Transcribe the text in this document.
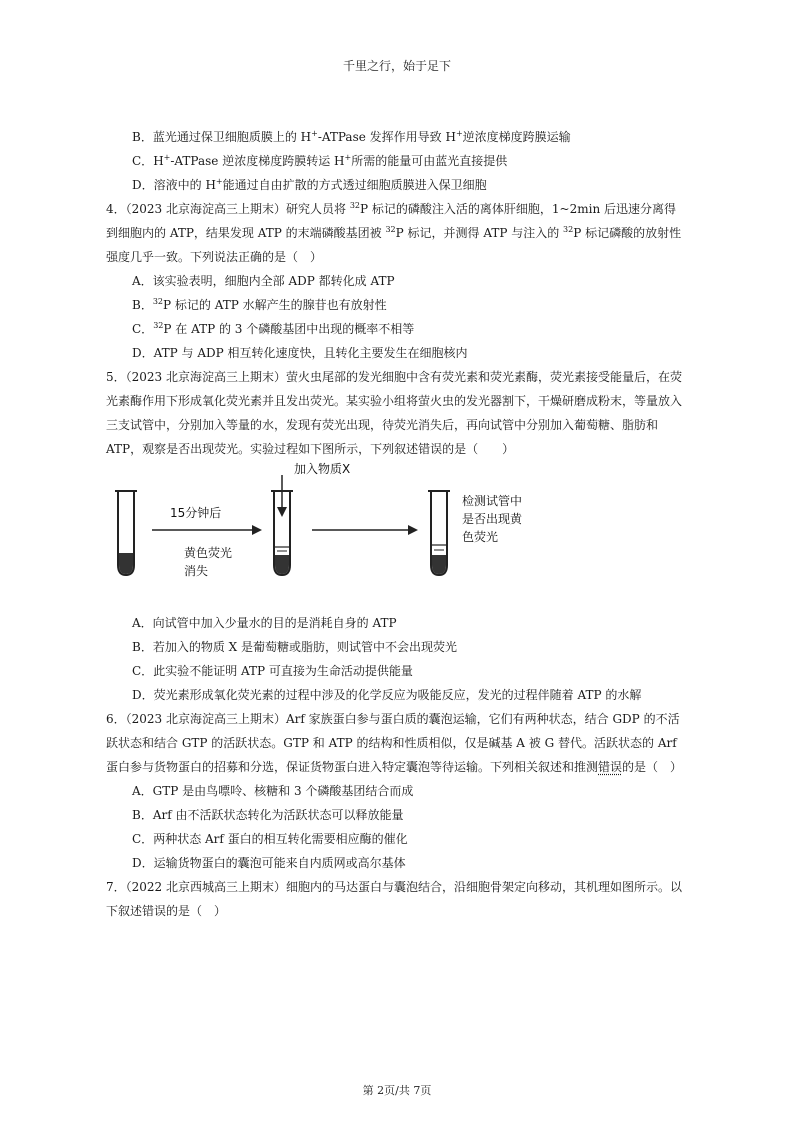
千里之行，始于足下

B．蓝光通过保卫细胞质膜上的 H+-ATPase 发挥作用导致 H+逆浓度梯度跨膜运输

C．H+-ATPase 逆浓度梯度跨膜转运 H+所需的能量可由蓝光直接提供

D．溶液中的 H+能通过自由扩散的方式透过细胞质膜进入保卫细胞

4．（2023 北京海淀高三上期末）研究人员将 $^{32}$P 标记的磷酸注入活的离体肝细胞，1~2min 后迅速分离得到细胞内的 ATP，结果发现 ATP 的末端磷酸基团被 $^{32}$P 标记，并测得 ATP 与注入的 $^{32}$P 标记磷酸的放射性强度几乎一致。下列说法正确的是（　）

A．该实验表明，细胞内全部 ADP 都转化成 ATP

B．$^{32}$P 标记的 ATP 水解产生的腺苷也有放射性

C．$^{32}$P 在 ATP 的 3 个磷酸基团中出现的概率不相等

D．ATP 与 ADP 相互转化速度快，且转化主要发生在细胞核内

5．（2023 北京海淀高三上期末）萤火虫尾部的发光细胞中含有荧光素和荧光素酶，荧光素接受能量后，在荧光素酶作用下形成氧化荧光素并且发出荧光。某实验小组将萤火虫的发光器割下，干燥研磨成粉末，等量放入三支试管中，分别加入等量的水，发现有荧光出现，待荧光消失后，再向试管中分别加入葡萄糖、脂肪和 ATP，观察是否出现荧光。实验过程如下图所示，下列叙述错误的是（　　）

15分钟后
黄色荧光
消失
加入物质X
检测试管中
是否出现黄
色荧光

A．向试管中加入少量水的目的是消耗自身的 ATP

B．若加入的物质 X 是葡萄糖或脂肪，则试管中不会出现荧光

C．此实验不能证明 ATP 可直接为生命活动提供能量

D．荧光素形成氧化荧光素的过程中涉及的化学反应为吸能反应，发光的过程伴随着 ATP 的水解

6．（2023 北京海淀高三上期末）Arf 家族蛋白参与蛋白质的囊泡运输，它们有两种状态，结合 GDP 的不活跃状态和结合 GTP 的活跃状态。GTP 和 ATP 的结构和性质相似，仅是碱基 A 被 G 替代。活跃状态的 Arf 蛋白参与货物蛋白的招募和分选，保证货物蛋白进入特定囊泡等待运输。下列相关叙述和推测错误的是（　）

A．GTP 是由鸟嘌呤、核糖和 3 个磷酸基团结合而成

B．Arf 由不活跃状态转化为活跃状态可以释放能量

C．两种状态 Arf 蛋白的相互转化需要相应酶的催化

D．运输货物蛋白的囊泡可能来自内质网或高尔基体

7．（2022 北京西城高三上期末）细胞内的马达蛋白与囊泡结合，沿细胞骨架定向移动，其机理如图所示。以下叙述错误的是（　）

第 2页/共 7页
